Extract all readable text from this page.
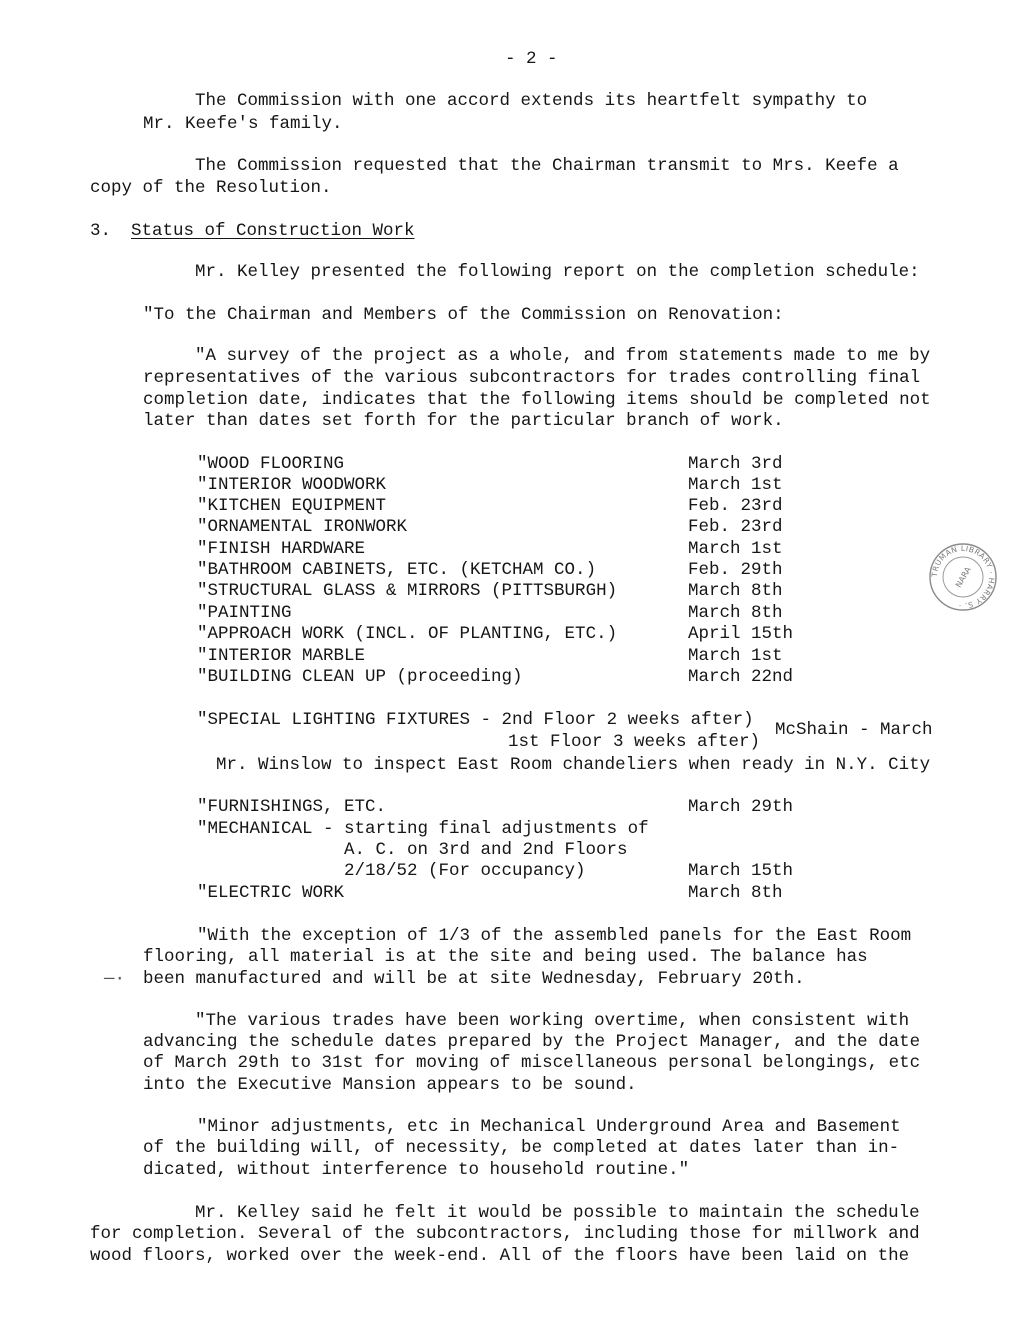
- 2 -
The Commission with one accord extends its heartfelt sympathy to
Mr. Keefe's family.
The Commission requested that the Chairman transmit to Mrs. Keefe a
copy of the Resolution.
3. Status of Construction Work
Mr. Kelley presented the following report on the completion schedule:
"To the Chairman and Members of the Commission on Renovation:
"A survey of the project as a whole, and from statements made to me by
representatives of the various subcontractors for trades controlling final
completion date, indicates that the following items should be completed not
later than dates set forth for the particular branch of work.
"WOOD FLOORING	March 3rd
"INTERIOR WOODWORK	March 1st
"KITCHEN EQUIPMENT	Feb. 23rd
"ORNAMENTAL IRONWORK	Feb. 23rd
"FINISH HARDWARE	March 1st
"BATHROOM CABINETS, ETC. (KETCHAM CO.)	Feb. 29th
"STRUCTURAL GLASS & MIRRORS (PITTSBURGH)	March 8th
"PAINTING	March 8th
"APPROACH WORK (INCL. OF PLANTING, ETC.)	April 15th
"INTERIOR MARBLE	March 1st
"BUILDING CLEAN UP (proceeding)	March 22nd
"SPECIAL LIGHTING FIXTURES - 2nd Floor 2 weeks after)
1st Floor 3 weeks after)
McShain - March
Mr. Winslow to inspect East Room chandeliers when ready in N.Y. City
"FURNISHINGS, ETC.	March 29th
"MECHANICAL - starting final adjustments of
A. C. on 3rd and 2nd Floors
2/18/52 (For occupancy)	March 15th
"ELECTRIC WORK	March 8th
"With the exception of 1/3 of the assembled panels for the East Room
flooring, all material is at the site and being used. The balance has
been manufactured and will be at site Wednesday, February 20th.
—·
"The various trades have been working overtime, when consistent with
advancing the schedule dates prepared by the Project Manager, and the date
of March 29th to 31st for moving of miscellaneous personal belongings, etc
into the Executive Mansion appears to be sound.
"Minor adjustments, etc in Mechanical Underground Area and Basement
of the building will, of necessity, be completed at dates later than in-
dicated, without interference to household routine."
Mr. Kelley said he felt it would be possible to maintain the schedule
for completion. Several of the subcontractors, including those for millwork and
wood floors, worked over the week-end. All of the floors have been laid on the
TRUMAN LIBRARY · HARRY S. ·
NARA
